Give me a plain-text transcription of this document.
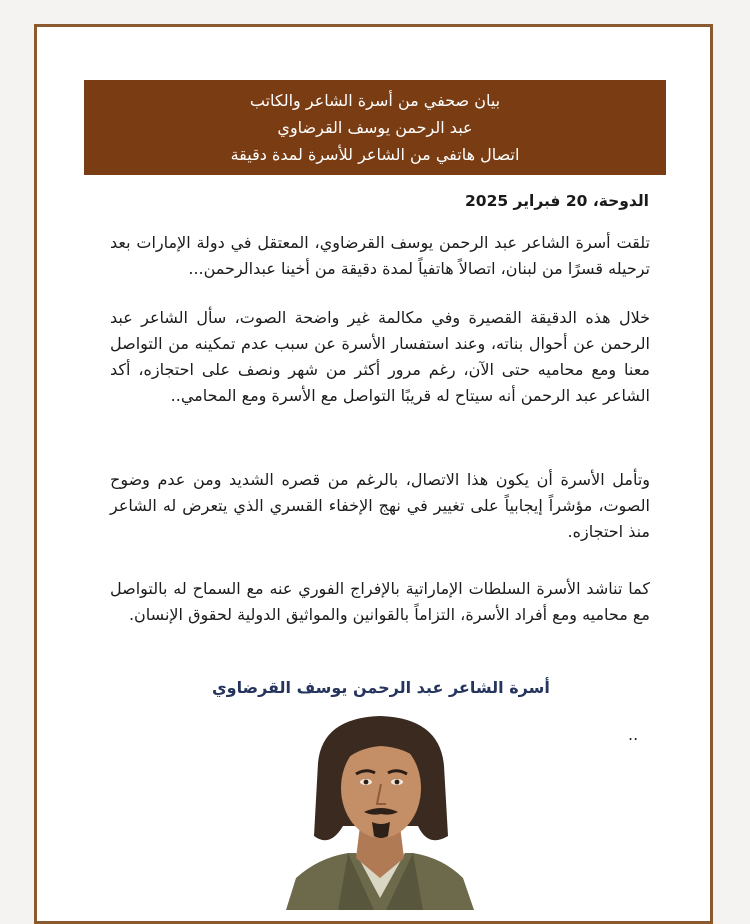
بيان صحفي من أسرة الشاعر والكاتب
عبد الرحمن يوسف القرضاوي
اتصال هاتفي من الشاعر للأسرة لمدة دقيقة
الدوحة، 20 فبراير 2025
تلقت أسرة الشاعر عبد الرحمن يوسف القرضاوي، المعتقل في دولة الإمارات بعد ترحيله قسرًا من لبنان، اتصالاً هاتفياً لمدة دقيقة من أخينا عبدالرحمن...
خلال هذه الدقيقة القصيرة وفي مكالمة غير واضحة الصوت، سأل الشاعر عبد الرحمن عن أحوال بناته، وعند استفسار الأسرة عن سبب عدم تمكينه من التواصل معنا ومع محاميه حتى الآن، رغم مرور أكثر من شهر ونصف على احتجازه، أكد الشاعر عبد الرحمن أنه سيتاح له قريبًا التواصل مع الأسرة ومع المحامي..
وتأمل الأسرة أن يكون هذا الاتصال، بالرغم من قصره الشديد ومن عدم وضوح الصوت، مؤشراً إيجابياً على تغيير في نهج الإخفاء القسري الذي يتعرض له الشاعر منذ احتجازه.
كما تناشد الأسرة السلطات الإماراتية بالإفراج الفوري عنه مع السماح له بالتواصل مع محاميه ومع أفراد الأسرة، التزاماً بالقوانين والمواثيق الدولية لحقوق الإنسان.
أسرة الشاعر عبد الرحمن يوسف القرضاوي
..
